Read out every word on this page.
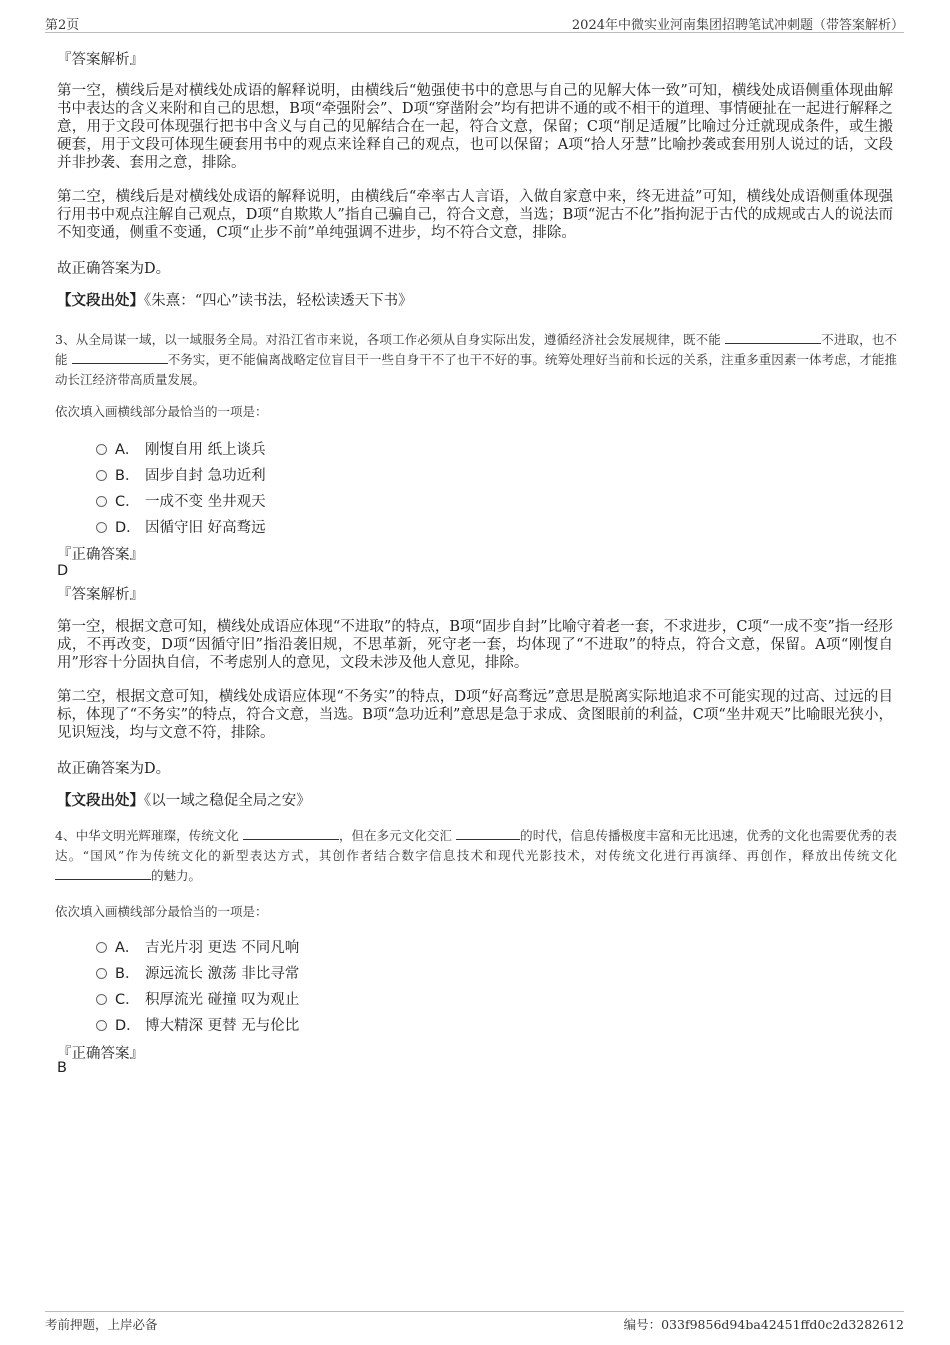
第2页	2024年中微实业河南集团招聘笔试冲刺题（带答案解析）
『答案解析』
第一空，横线后是对横线处成语的解释说明，由横线后“勉强使书中的意思与自己的见解大体一致”可知，横线处成语侧重体现曲解书中表达的含义来附和自己的思想，B项“牵强附会”、D项“穿凿附会”均有把讲不通的或不相干的道理、事情硬扯在一起进行解释之意，用于文段可体现强行把书中含义与自己的见解结合在一起，符合文意，保留；C项“削足适履”比喻过分迁就现成条件，或生搬硬套，用于文段可体现生硬套用书中的观点来诠释自己的观点，也可以保留；A项“拾人牙慧”比喻抄袭或套用别人说过的话，文段并非抄袭、套用之意，排除。
第二空，横线后是对横线处成语的解释说明，由横线后“牵率古人言语，入做自家意中来，终无进益”可知，横线处成语侧重体现强行用书中观点注解自己观点，D项“自欺欺人”指自己骗自己，符合文意，当选；B项“泥古不化”指拘泥于古代的成规或古人的说法而不知变通，侧重不变通，C项“止步不前”单纯强调不进步，均不符合文意，排除。
故正确答案为D。
【文段出处】《朱熹：“四心”读书法，轻松读透天下书》
3、从全局谋一域，以一域服务全局。对沿江省市来说，各项工作必须从自身实际出发，遵循经济社会发展规律，既不能	不进取，也不能	不务实，更不能偏离战略定位盲目干一些自身干不了也干不好的事。统筹处理好当前和长远的关系，注重多重因素一体考虑，才能推动长江经济带高质量发展。
依次填入画横线部分最恰当的一项是：
A． 刚愎自用 纸上谈兵
B． 固步自封 急功近利
C． 一成不变 坐井观天
D． 因循守旧 好高骛远
『正确答案』
D
『答案解析』
第一空，根据文意可知，横线处成语应体现“不进取”的特点，B项“固步自封”比喻守着老一套，不求进步，C项“一成不变”指一经形成，不再改变，D项“因循守旧”指沿袭旧规，不思革新，死守老一套，均体现了“不进取”的特点，符合文意，保留。A项“刚愎自用”形容十分固执自信，不考虑别人的意见，文段未涉及他人意见，排除。
第二空，根据文意可知，横线处成语应体现“不务实”的特点，D项“好高骛远”意思是脱离实际地追求不可能实现的过高、过远的目标，体现了“不务实”的特点，符合文意，当选。B项“急功近利”意思是急于求成、贪图眼前的利益，C项“坐井观天”比喻眼光狭小，见识短浅，均与文意不符，排除。
故正确答案为D。
【文段出处】《以一域之稳促全局之安》
4、中华文明光辉璀璨，传统文化	，但在多元文化交汇	的时代，信息传播极度丰富和无比迅速，优秀的文化也需要优秀的表达。“国风”作为传统文化的新型表达方式，其创作者结合数字信息技术和现代光影技术，对传统文化进行再演绎、再创作，释放出传统文化 的魅力。
依次填入画横线部分最恰当的一项是：
A． 吉光片羽 更迭 不同凡响
B． 源远流长 激荡 非比寻常
C． 积厚流光 碰撞 叹为观止
D． 博大精深 更替 无与伦比
『正确答案』
B
考前押题，上岸必备	编号：033f9856d94ba42451ffd0c2d3282612
